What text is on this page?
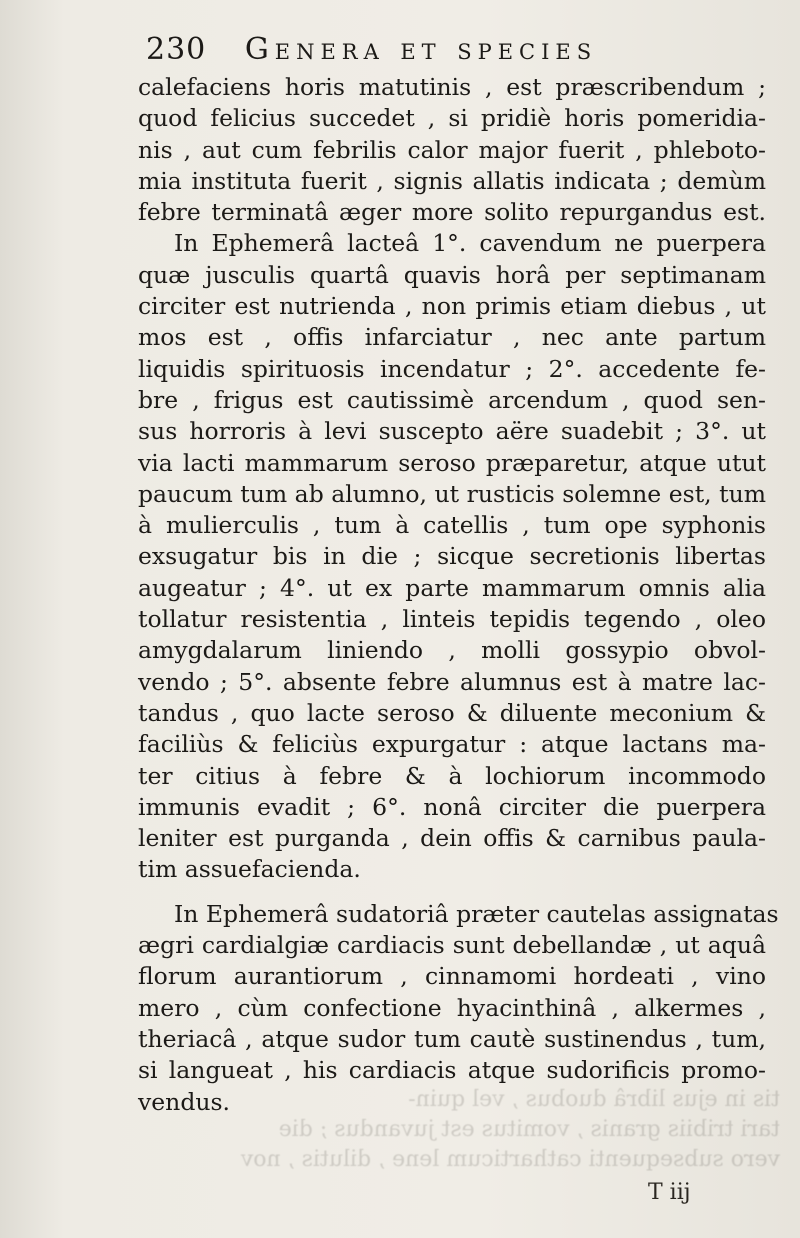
tis in ejus librâ duobus , vel quin-
tari tribiis granis , vomitus est juvandus ; die
vero subsequenti catharticum lene , dilutis , nov
230 Genera et species
calefaciens horis matutinis , est præscribendum ;
quod felicius succedet , si pridiè horis pomeridia-
nis , aut cum febrilis calor major fuerit , phleboto-
mia instituta fuerit , signis allatis indicata ; demùm
febre terminatâ æger more solito repurgandus est.
In Ephemerâ lacteâ 1°. cavendum ne puerpera
quæ jusculis quartâ quavis horâ per septimanam
circiter est nutrienda , non primis etiam diebus , ut
mos est , offis infarciatur , nec ante partum
liquidis spirituosis incendatur ; 2°. accedente fe-
bre , frigus est cautissimè arcendum , quod sen-
sus horroris à levi suscepto aëre suadebit ; 3°. ut
via lacti mammarum seroso præparetur, atque utut
paucum tum ab alumno, ut rusticis solemne est, tum
à mulierculis , tum à catellis , tum ope syphonis
exsugatur bis in die ; sicque secretionis libertas
augeatur ; 4°. ut ex parte mammarum omnis alia
tollatur resistentia , linteis tepidis tegendo , oleo
amygdalarum liniendo , molli gossypio obvol-
vendo ; 5°. absente febre alumnus est à matre lac-
tandus , quo lacte seroso & diluente meconium &
faciliùs & feliciùs expurgatur : atque lactans ma-
ter citius à febre & à lochiorum incommodo
immunis evadit ; 6°. nonâ circiter die puerpera
leniter est purganda , dein offis & carnibus paula-
tim assuefacienda.
In Ephemerâ sudatoriâ præter cautelas assignatas
ægri cardialgiæ cardiacis sunt debellandæ , ut aquâ
florum aurantiorum , cinnamomi hordeati , vino
mero , cùm confectione hyacinthinâ , alkermes ,
theriacâ , atque sudor tum cautè sustinendus , tum,
si langueat , his cardiacis atque sudorificis promo-
vendus.
T iij
